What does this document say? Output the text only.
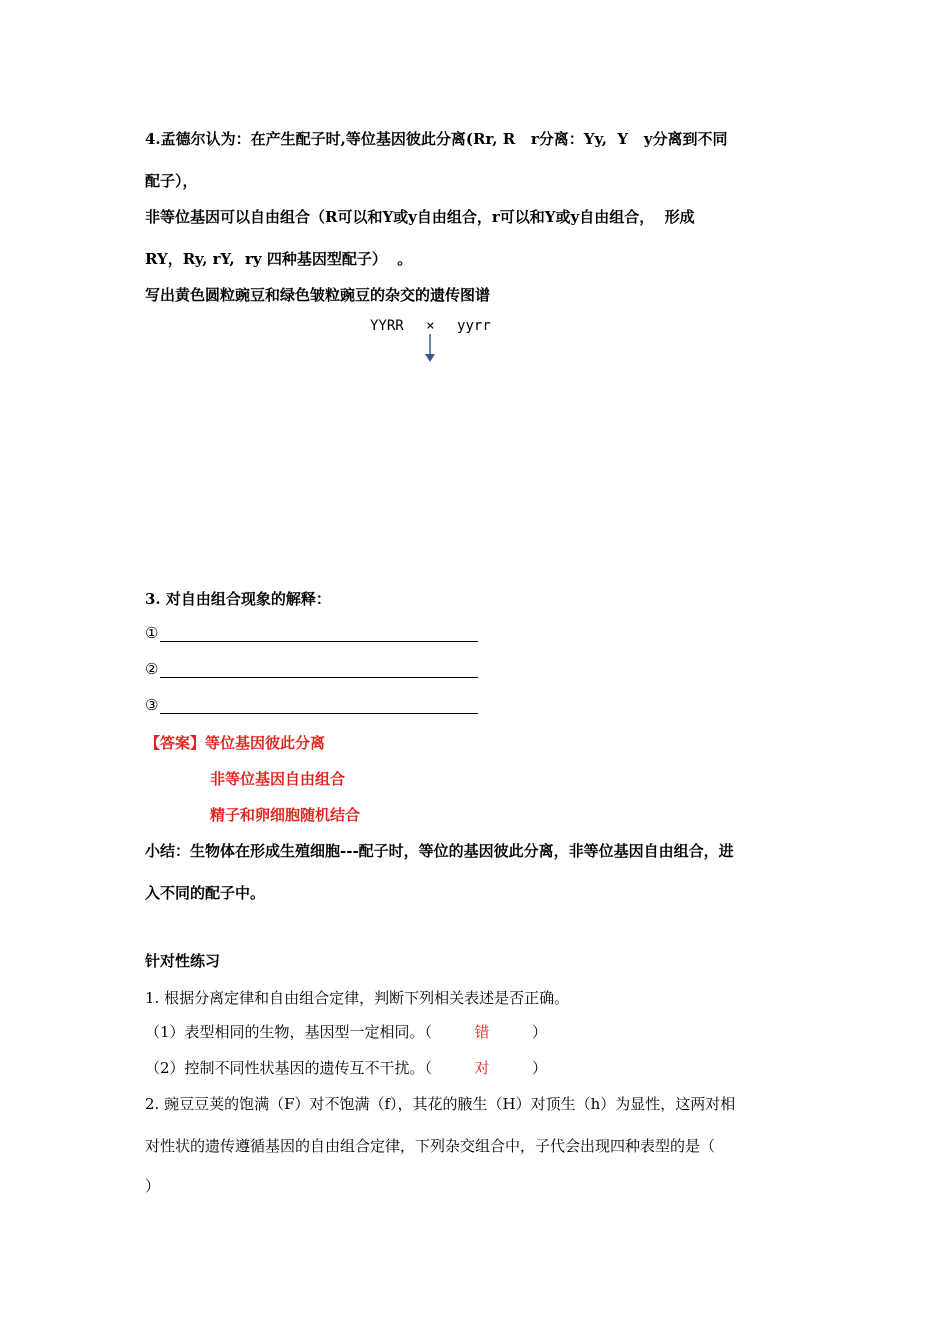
4.孟德尔认为：在产生配子时,等位基因彼此分离(Rr, R   r分离：Yy,  Y   y分离到不同
配子），
非等位基因可以自由组合（R可以和Y或y自由组合，r可以和Y或y自由组合，  形成
RY，Ry, rY,  ry 四种基因型配子）  。
写出黄色圆粒豌豆和绿色皱粒豌豆的杂交的遗传图谱
YYRR × yyrr
3. 对自由组合现象的解释：
①
②
③
【答案】等位基因彼此分离
非等位基因自由组合
精子和卵细胞随机结合
小结：生物体在形成生殖细胞---配子时，等位的基因彼此分离，非等位基因自由组合，进
入不同的配子中。
针对性练习
1. 根据分离定律和自由组合定律，判断下列相关表述是否正确。
（1）表型相同的生物，基因型一定相同。（	错	）
（2）控制不同性状基因的遗传互不干扰。（	对	）
2. 豌豆豆荚的饱满（F）对不饱满（f），其花的腋生（H）对顶生（h）为显性，这两对相
对性状的遗传遵循基因的自由组合定律，下列杂交组合中，子代会出现四种表型的是（
）
